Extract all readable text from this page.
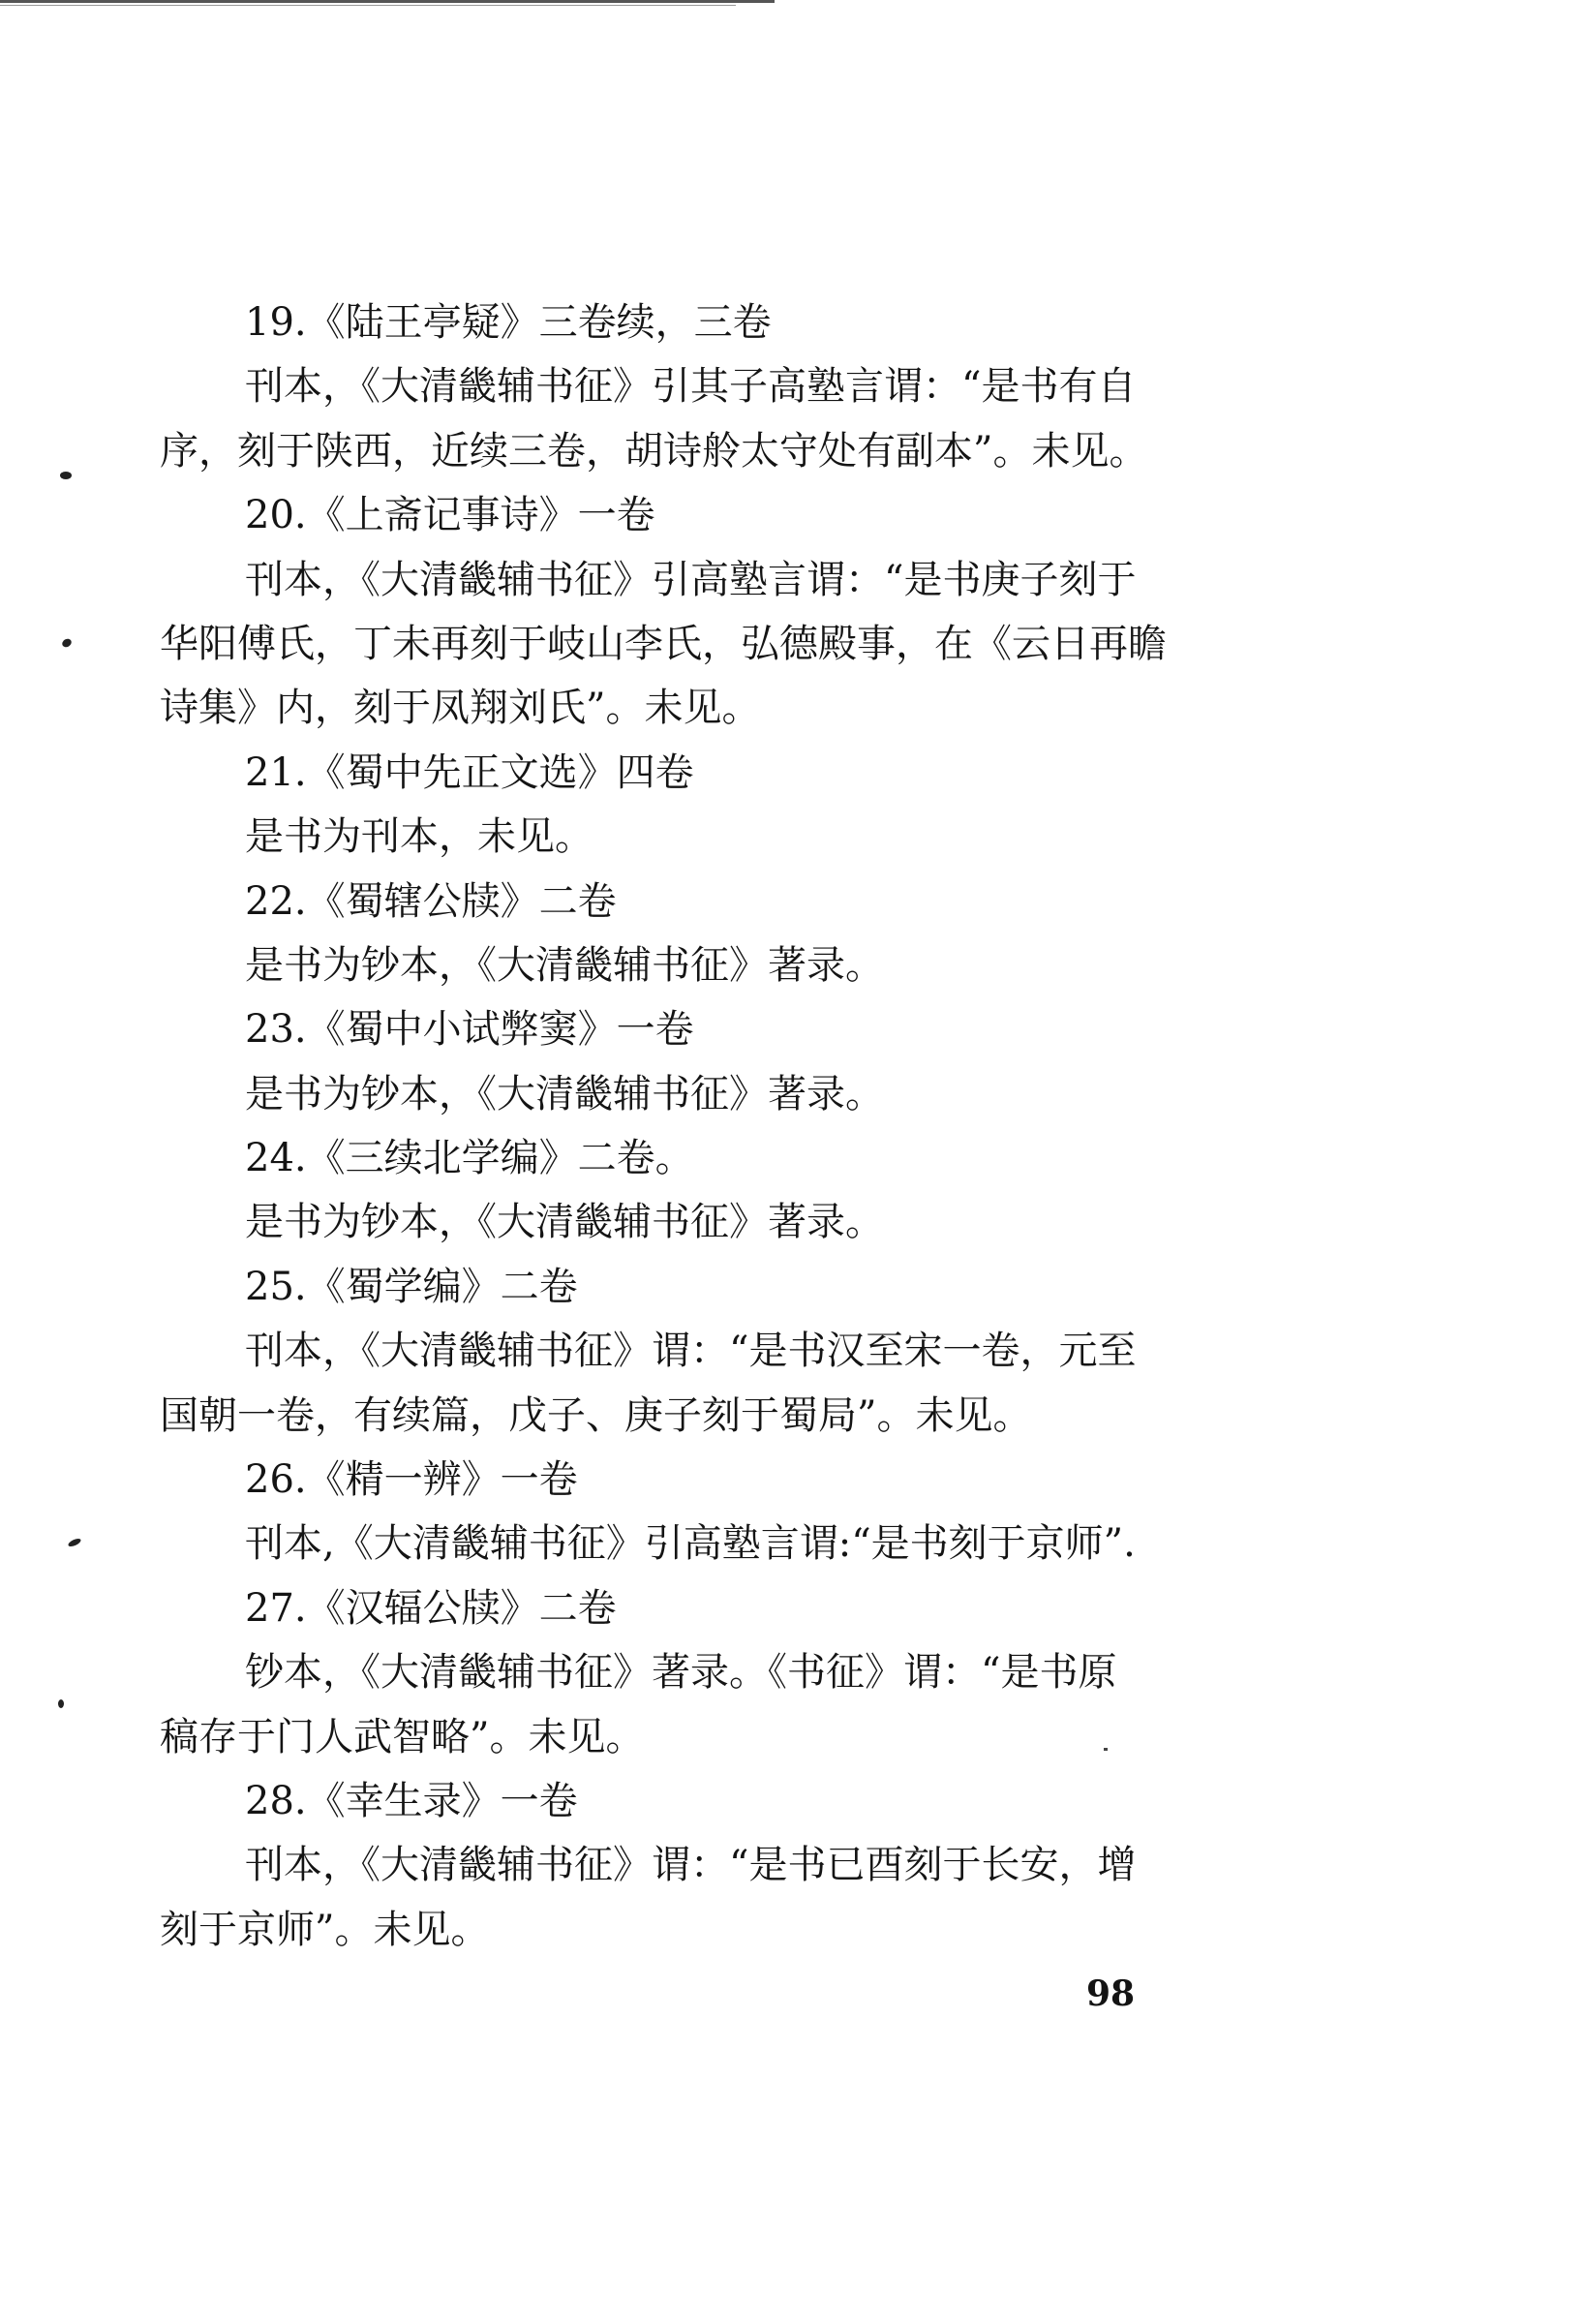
19.《陆王亭疑》三卷续，三卷
刊本，《大清畿辅书征》引其子高塾言谓：“是书有自
序，刻于陕西，近续三卷，胡诗舲太守处有副本”。未见。
20.《上斋记事诗》一卷
刊本，《大清畿辅书征》引高塾言谓：“是书庚子刻于
华阳傅氏，丁未再刻于岐山李氏，弘德殿事，在《云日再瞻
诗集》内，刻于凤翔刘氏”。未见。
21.《蜀中先正文选》四卷
是书为刊本，未见。
22.《蜀辖公牍》二卷
是书为钞本，《大清畿辅书征》著录。
23.《蜀中小试弊窦》一卷
是书为钞本，《大清畿辅书征》著录。
24.《三续北学编》二卷。
是书为钞本，《大清畿辅书征》著录。
25.《蜀学编》二卷
刊本，《大清畿辅书征》谓：“是书汉至宋一卷，元至
国朝一卷，有续篇，戊子、庚子刻于蜀局”。未见。
26.《精一辨》一卷
刊本,《大清畿辅书征》引高塾言谓:“是书刻于京师”.
27.《汉辐公牍》二卷
钞本，《大清畿辅书征》著录。《书征》谓：“是书原
稿存于门人武智略”。未见。
28.《幸生录》一卷
刊本，《大清畿辅书征》谓：“是书已酉刻于长安，增
刻于京师”。未见。
98
